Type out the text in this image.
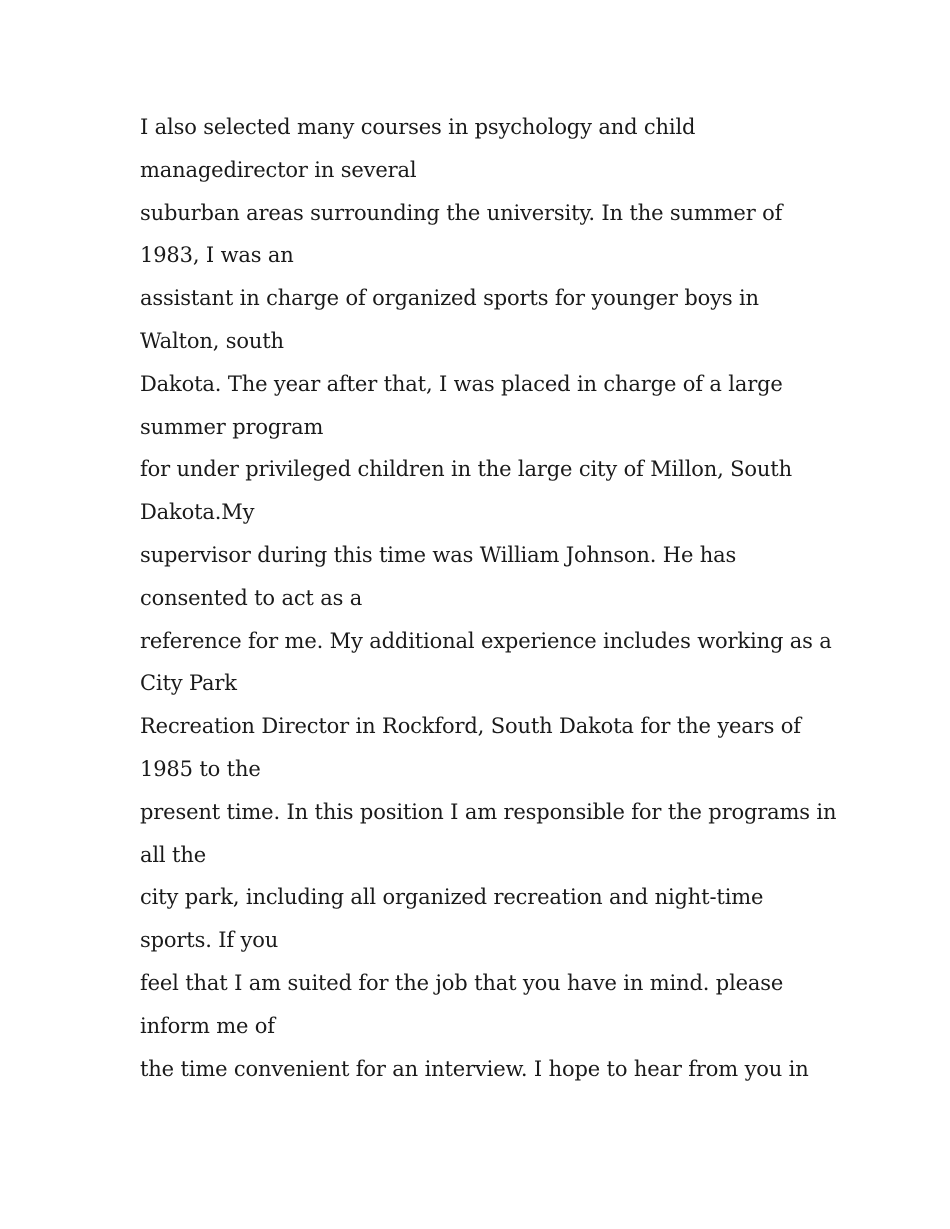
I also selected many courses in psychology and child
managedirector in several
suburban areas surrounding the university. In the summer of
1983, I was an
assistant in charge of organized sports for younger boys in
Walton, south
Dakota. The year after that, I was placed in charge of a large
summer program
for under privileged children in the large city of Millon, South
Dakota.My
supervisor during this time was William Johnson. He has
consented to act as a
reference for me. My additional experience includes working as a
City Park
Recreation Director in Rockford, South Dakota for the years of
1985 to the
present time. In this position I am responsible for the programs in
all the
city park, including all organized recreation and night-time
sports. If you
feel that I am suited for the job that you have in mind. please
inform me of
the time convenient for an interview. I hope to hear from you in
